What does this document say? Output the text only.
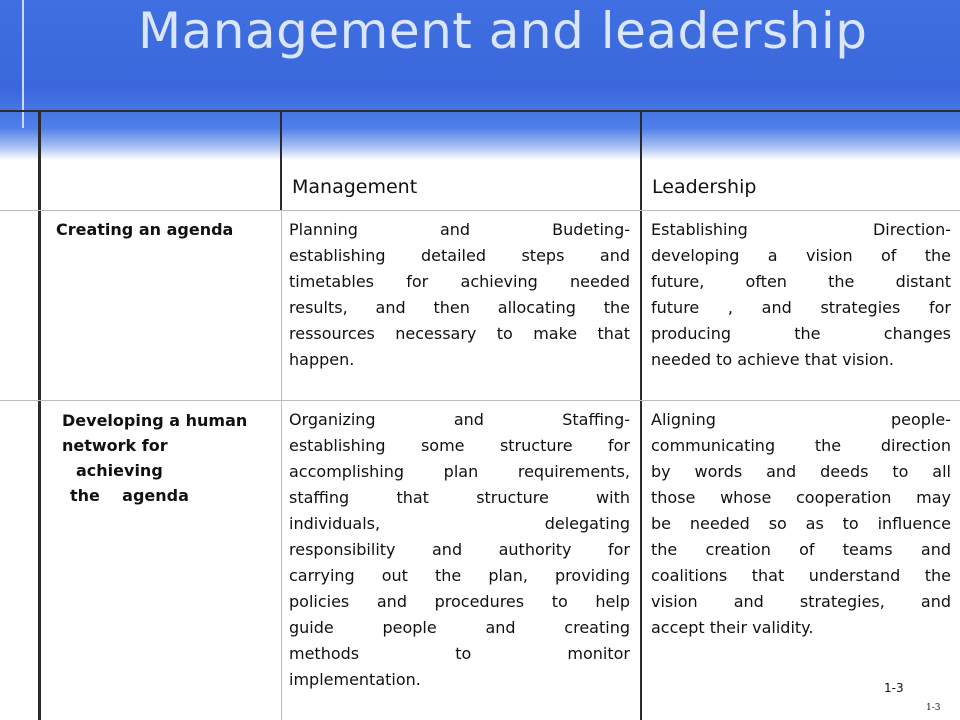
Management and leadership
Management	Leadership
Creating an agenda	Planning and Budeting-
establishing detailed steps and
timetables for achieving needed
results, and then allocating the
ressources necessary to make that
happen.
Establishing Direction-
developing a vision of the
future, often the distant
future , and strategies for
producing the changes
needed to achieve that vision.
Developing a human
network for
achieving
the    agenda
Organizing and Staffing-
establishing some structure for
accomplishing plan requirements,
staffing that structure with
individuals, delegating
responsibility and authority for
carrying out the plan, providing
policies and procedures to help
guide people and creating
methods to monitor
implementation.
Aligning people-
communicating the direction
by words and deeds to all
those whose cooperation may
be needed so as to influence
the creation of teams and
coalitions that understand the
vision and strategies, and
accept their validity.
1-3
1-3
